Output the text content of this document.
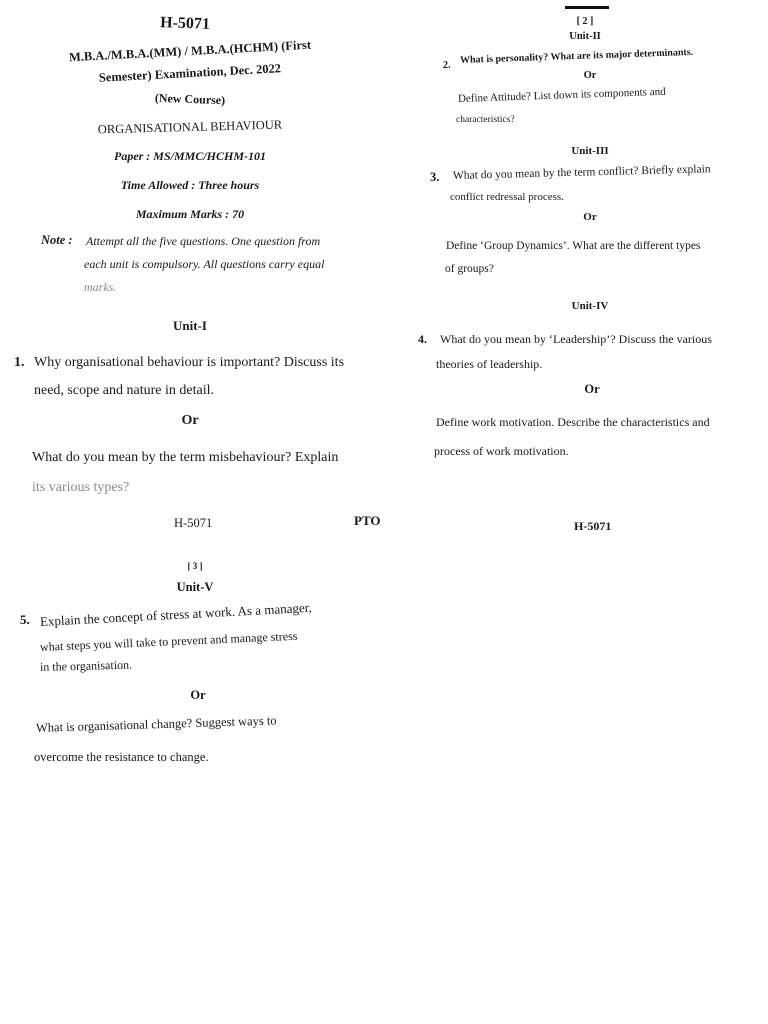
H-5071
M.B.A./M.B.A.(MM) / M.B.A.(HCHM) (First
Semester) Examination, Dec. 2022
(New Course)
ORGANISATIONAL BEHAVIOUR
Paper : MS/MMC/HCHM-101
Time Allowed : Three hours
Maximum Marks : 70
Note : Attempt all the five questions. One question from
each unit is compulsory. All questions carry equal
marks.
Unit-I
1. Why organisational behaviour is important? Discuss its
need, scope and nature in detail.
Or
What do you mean by the term misbehaviour? Explain
its various types?
H-5071	PTO
[ 2 ]
Unit-II
2. What is personality? What are its major determinants.
Or
Define Attitude? List down its components and
characteristics?
Unit-III
3. What do you mean by the term conflict? Briefly explain
conflict redressal process.
Or
Define ‘Group Dynamics’. What are the different types
of groups?
Unit-IV
4. What do you mean by ‘Leadership’? Discuss the various
theories of leadership.
Or
Define work motivation. Describe the characteristics and
process of work motivation.
H-5071
[ 3 ]
Unit-V
5. Explain the concept of stress at work. As a manager,
what steps you will take to prevent and manage stress
in the organisation.
Or
What is organisational change? Suggest ways to
overcome the resistance to change.
